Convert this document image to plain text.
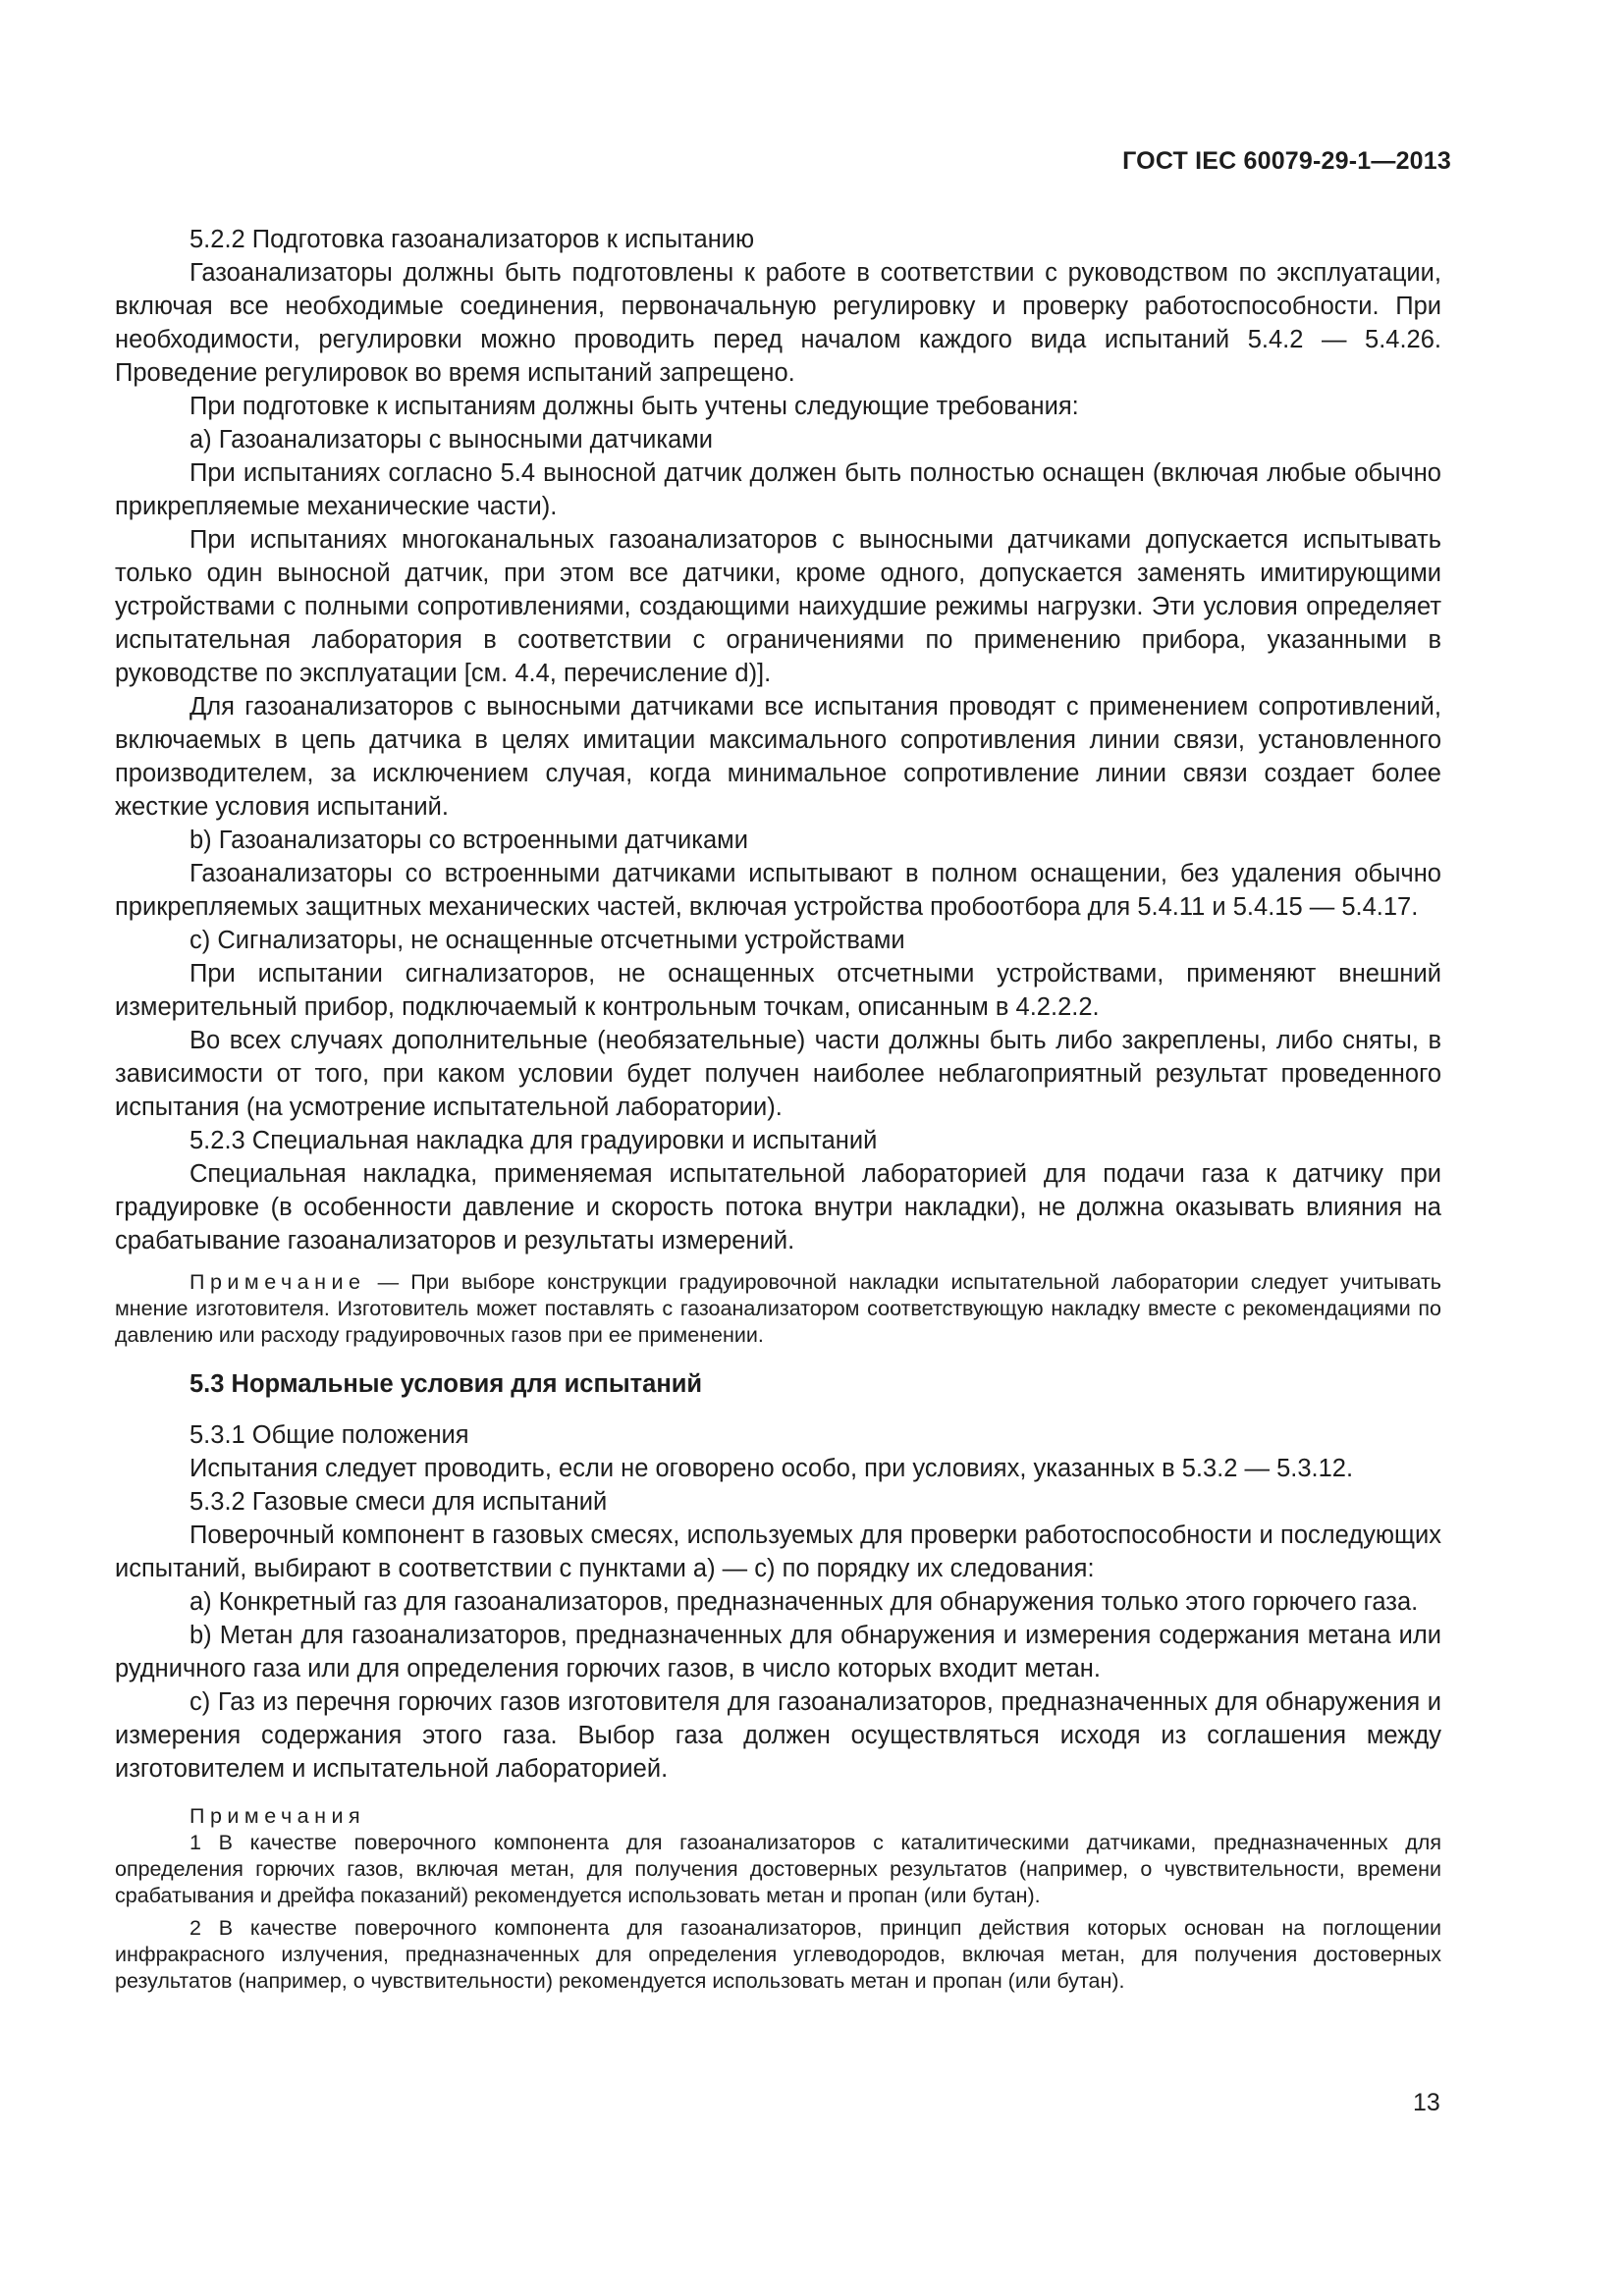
ГОСТ IEC 60079-29-1—2013

5.2.2 Подготовка газоанализаторов к испытанию

Газоанализаторы должны быть подготовлены к работе в соответствии с руководством по эксплуатации, включая все необходимые соединения, первоначальную регулировку и проверку работоспособности. При необходимости, регулировки можно проводить перед началом каждого вида испытаний 5.4.2 — 5.4.26. Проведение регулировок во время испытаний запрещено.

При подготовке к испытаниям должны быть учтены следующие требования:

a) Газоанализаторы с выносными датчиками

При испытаниях согласно 5.4 выносной датчик должен быть полностью оснащен (включая любые обычно прикрепляемые механические части).

При испытаниях многоканальных газоанализаторов с выносными датчиками допускается испытывать только один выносной датчик, при этом все датчики, кроме одного, допускается заменять имитирующими устройствами с полными сопротивлениями, создающими наихудшие режимы нагрузки. Эти условия определяет испытательная лаборатория в соответствии с ограничениями по применению прибора, указанными в руководстве по эксплуатации [см. 4.4, перечисление d)].

Для газоанализаторов с выносными датчиками все испытания проводят с применением сопротивлений, включаемых в цепь датчика в целях имитации максимального сопротивления линии связи, установленного производителем, за исключением случая, когда минимальное сопротивление линии связи создает более жесткие условия испытаний.

b) Газоанализаторы со встроенными датчиками

Газоанализаторы со встроенными датчиками испытывают в полном оснащении, без удаления обычно прикрепляемых защитных механических частей, включая устройства пробоотбора для 5.4.11 и 5.4.15 — 5.4.17.

c) Сигнализаторы, не оснащенные отсчетными устройствами

При испытании сигнализаторов, не оснащенных отсчетными устройствами, применяют внешний измерительный прибор, подключаемый к контрольным точкам, описанным в 4.2.2.2.

Во всех случаях дополнительные (необязательные) части должны быть либо закреплены, либо сняты, в зависимости от того, при каком условии будет получен наиболее неблагоприятный результат проведенного испытания (на усмотрение испытательной лаборатории).

5.2.3 Специальная накладка для градуировки и испытаний

Специальная накладка, применяемая испытательной лабораторией для подачи газа к датчику при градуировке (в особенности давление и скорость потока внутри накладки), не должна оказывать влияния на срабатывание газоанализаторов и результаты измерений.

Примечание — При выборе конструкции градуировочной накладки испытательной лаборатории следует учитывать мнение изготовителя. Изготовитель может поставлять с газоанализатором соответствующую накладку вместе с рекомендациями по давлению или расходу градуировочных газов при ее применении.

5.3 Нормальные условия для испытаний

5.3.1 Общие положения

Испытания следует проводить, если не оговорено особо, при условиях, указанных в 5.3.2 — 5.3.12.

5.3.2 Газовые смеси для испытаний

Поверочный компонент в газовых смесях, используемых для проверки работоспособности и последующих испытаний, выбирают в соответствии с пунктами a) — c) по порядку их следования:

a) Конкретный газ для газоанализаторов, предназначенных для обнаружения только этого горючего газа.

b) Метан для газоанализаторов, предназначенных для обнаружения и измерения содержания метана или рудничного газа или для определения горючих газов, в число которых входит метан.

c) Газ из перечня горючих газов изготовителя для газоанализаторов, предназначенных для обнаружения и измерения содержания этого газа. Выбор газа должен осуществляться исходя из соглашения между изготовителем и испытательной лабораторией.

Примечания

1 В качестве поверочного компонента для газоанализаторов с каталитическими датчиками, предназначенных для определения горючих газов, включая метан, для получения достоверных результатов (например, о чувствительности, времени срабатывания и дрейфа показаний) рекомендуется использовать метан и пропан (или бутан).

2 В качестве поверочного компонента для газоанализаторов, принцип действия которых основан на поглощении инфракрасного излучения, предназначенных для определения углеводородов, включая метан, для получения достоверных результатов (например, о чувствительности) рекомендуется использовать метан и пропан (или бутан).

13
